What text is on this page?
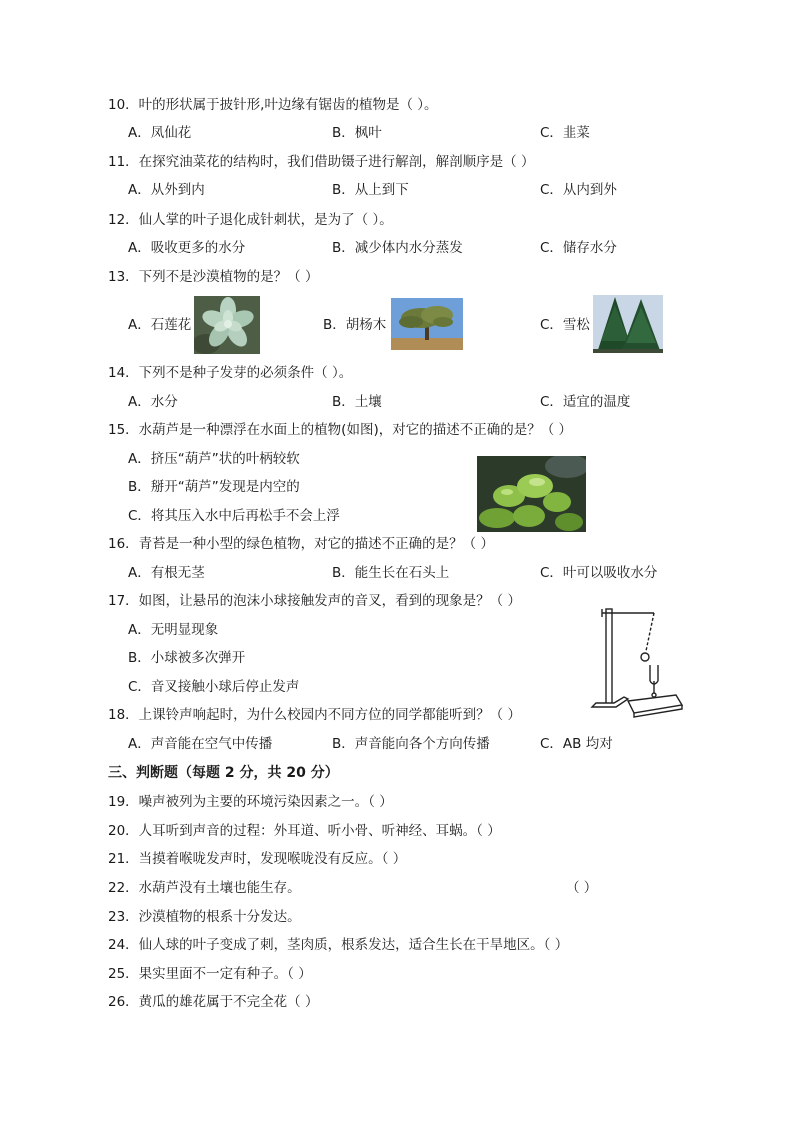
10．叶的形状属于披针形,叶边缘有锯齿的植物是（ ）。
A．凤仙花	B．枫叶	C．韭菜
11．在探究油菜花的结构时，我们借助镊子进行解剖，解剖顺序是（ ）
A．从外到内	B．从上到下	C．从内到外
12．仙人掌的叶子退化成针刺状，是为了（ ）。
A．吸收更多的水分	B．减少体内水分蒸发	C．储存水分
13．下列不是沙漠植物的是？（ ）
A．石莲花	B．胡杨木	C．雪松
14．下列不是种子发芽的必须条件（ ）。
A．水分	B．土壤	C．适宜的温度
15．水葫芦是一种漂浮在水面上的植物(如图)，对它的描述不正确的是？（ ）
A．挤压“葫芦”状的叶柄较软
B．掰开“葫芦”发现是内空的
C．将其压入水中后再松手不会上浮
16．青苔是一种小型的绿色植物，对它的描述不正确的是？（ ）
A．有根无茎	B．能生长在石头上	C．叶可以吸收水分
17．如图，让悬吊的泡沫小球接触发声的音叉，看到的现象是？（ ）
A．无明显现象
B．小球被多次弹开
C．音叉接触小球后停止发声
18．上课铃声响起时，为什么校园内不同方位的同学都能听到？（ ）
A．声音能在空气中传播	B．声音能向各个方向传播	C．AB 均对
三、判断题（每题 2 分，共 20 分）
19．噪声被列为主要的环境污染因素之一。（ ）
20．人耳听到声音的过程：外耳道、听小骨、听神经、耳蜗。（ ）
21．当摸着喉咙发声时，发现喉咙没有反应。（ ）
22．水葫芦没有土壤也能生存。	（ ）
23．沙漠植物的根系十分发达。
24．仙人球的叶子变成了刺，茎肉质，根系发达，适合生长在干旱地区。（ ）
25．果实里面不一定有种子。（ ）
26．黄瓜的雄花属于不完全花（ ）
